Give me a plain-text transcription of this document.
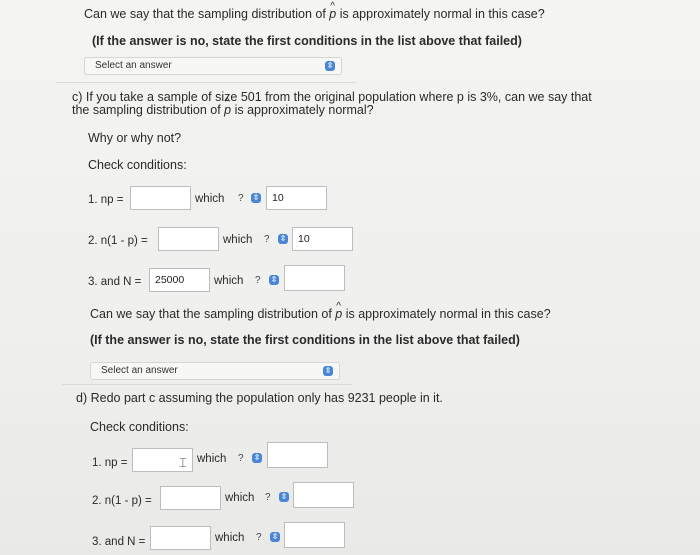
Can we say that the sampling distribution of ^ p is approximately normal in this case?
(If the answer is no, state the first conditions in the list above that failed)
Select an answer	⇳
c) If you take a sample of size 501 from the original population where p is 3%, can we say that
the sampling distribution of ^ p is approximately normal?
Why or why not?
Check conditions:
1. np =	which ? ⇳	10
2. n(1 - p) =	which ? ⇳	10
3. and N =	25000	which ? ⇳
Can we say that the sampling distribution of ^ p is approximately normal in this case?
(If the answer is no, state the first conditions in the list above that failed)
Select an answer	⇳
d) Redo part c assuming the population only has 9231 people in it.
Check conditions:
1. np =	⌶ which ? ⇳
2. n(1 - p) =	which ? ⇳
3. and N =	which ? ⇳
